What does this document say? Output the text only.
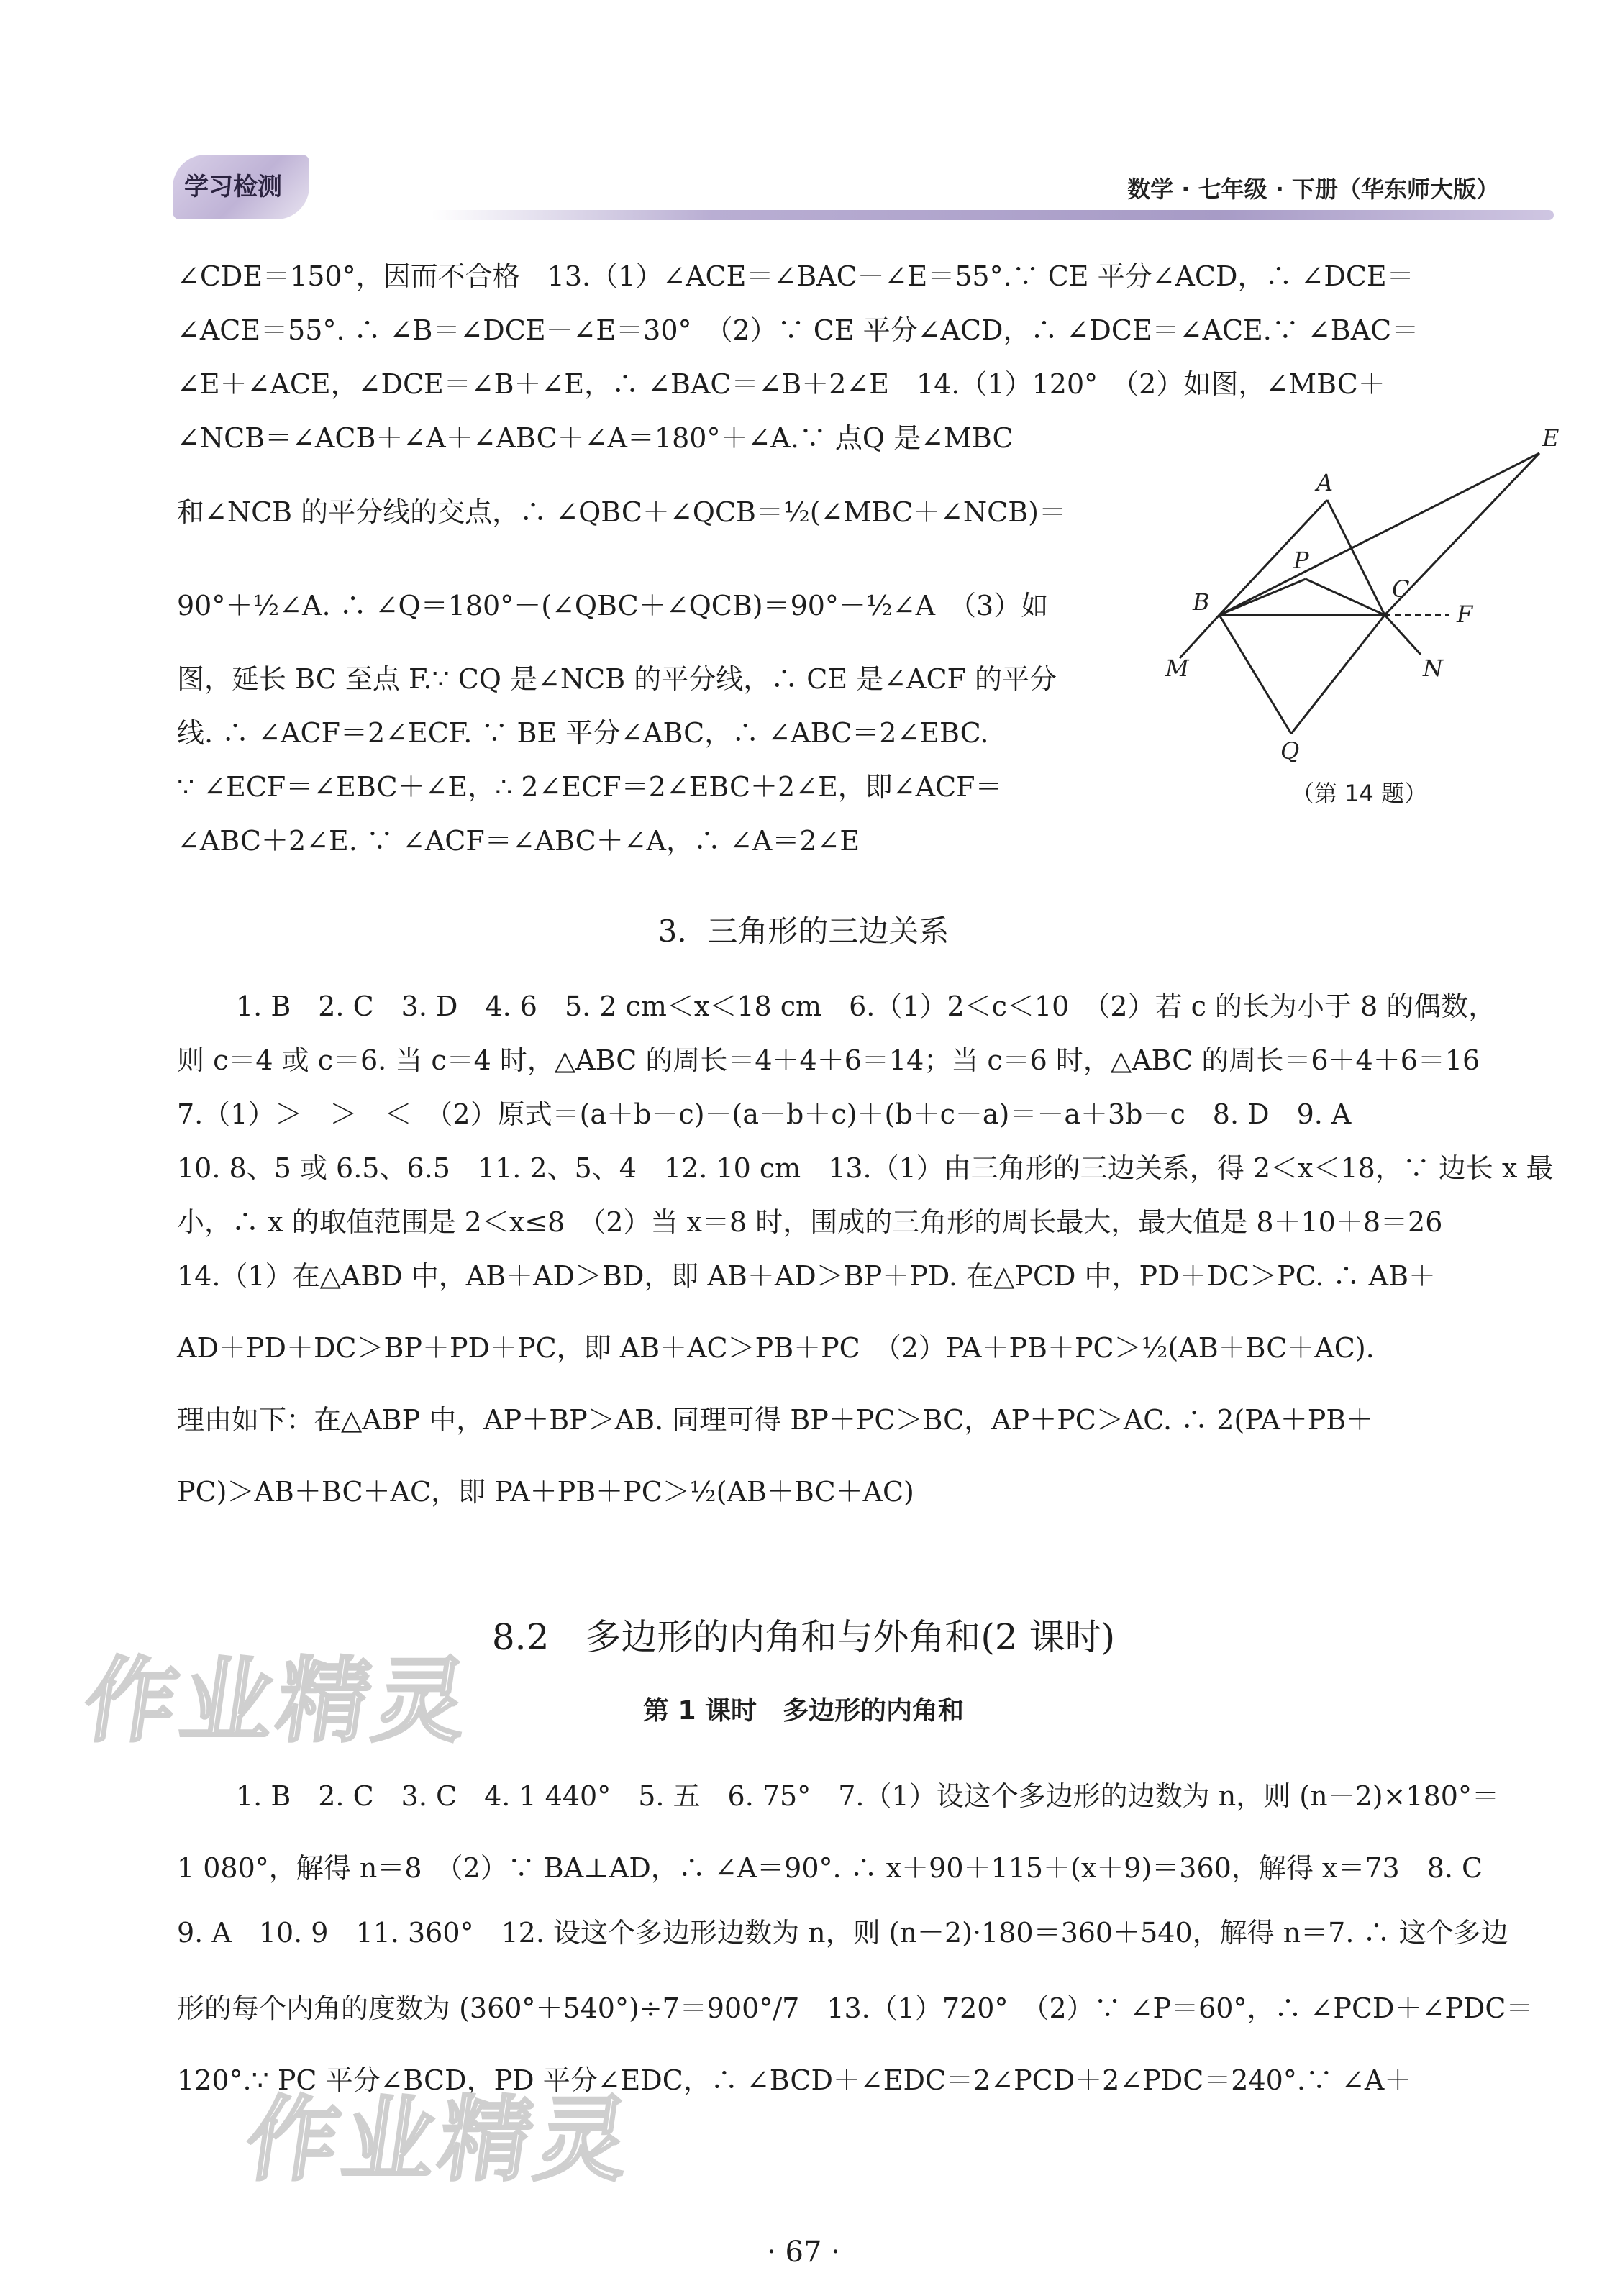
学习检测	数学 · 七年级 · 下册（华东师大版）
∠CDE＝150°，因而不合格　13.（1）∠ACE＝∠BAC－∠E＝55°.∵ CE 平分∠ACD，∴ ∠DCE＝
∠ACE＝55°. ∴ ∠B＝∠DCE－∠E＝30°　（2）∵ CE 平分∠ACD，∴ ∠DCE＝∠ACE.∵ ∠BAC＝
∠E＋∠ACE，∠DCE＝∠B＋∠E，∴ ∠BAC＝∠B＋2∠E　14.（1）120°　（2）如图，∠MBC＋
∠NCB＝∠ACB＋∠A＋∠ABC＋∠A＝180°＋∠A.∵ 点Q 是∠MBC
和∠NCB 的平分线的交点，∴ ∠QBC＋∠QCB＝½(∠MBC＋∠NCB)＝
90°＋½∠A. ∴ ∠Q＝180°－(∠QBC＋∠QCB)＝90°－½∠A　（3）如
图，延长 BC 至点 F.∵ CQ 是∠NCB 的平分线，∴ CE 是∠ACF 的平分
线. ∴ ∠ACF＝2∠ECF. ∵ BE 平分∠ABC，∴ ∠ABC＝2∠EBC.
∵ ∠ECF＝∠EBC＋∠E，∴ 2∠ECF＝2∠EBC＋2∠E，即∠ACF＝
∠ABC＋2∠E. ∵ ∠ACF＝∠ABC＋∠A，∴ ∠A＝2∠E
E
A
P
B	C
F
M	N
Q
（第 14 题）
3．三角形的三边关系
1. B　2. C　3. D　4. 6　5. 2 cm＜x＜18 cm　6.（1）2＜c＜10　（2）若 c 的长为小于 8 的偶数，
则 c＝4 或 c＝6. 当 c＝4 时，△ABC 的周长＝4＋4＋6＝14；当 c＝6 时，△ABC 的周长＝6＋4＋6＝16
7.（1）＞　＞　＜　（2）原式＝(a＋b－c)－(a－b＋c)＋(b＋c－a)＝－a＋3b－c　8. D　9. A
10. 8、5 或 6.5、6.5　11. 2、5、4　12. 10 cm　13.（1）由三角形的三边关系，得 2＜x＜18，∵ 边长 x 最
小，∴ x 的取值范围是 2＜x≤8　（2）当 x＝8 时，围成的三角形的周长最大，最大值是 8＋10＋8＝26
14.（1）在△ABD 中，AB＋AD＞BD，即 AB＋AD＞BP＋PD. 在△PCD 中，PD＋DC＞PC. ∴ AB＋
AD＋PD＋DC＞BP＋PD＋PC，即 AB＋AC＞PB＋PC　（2）PA＋PB＋PC＞½(AB＋BC＋AC).
理由如下：在△ABP 中，AP＋BP＞AB. 同理可得 BP＋PC＞BC，AP＋PC＞AC. ∴ 2(PA＋PB＋
PC)＞AB＋BC＋AC，即 PA＋PB＋PC＞½(AB＋BC＋AC)
8.2　多边形的内角和与外角和(2 课时)
第 1 课时　多边形的内角和
1. B　2. C　3. C　4. 1 440°　5. 五　6. 75°　7.（1）设这个多边形的边数为 n，则 (n－2)×180°＝
1 080°，解得 n＝8　（2）∵ BA⊥AD，∴ ∠A＝90°. ∴ x＋90＋115＋(x＋9)＝360，解得 x＝73　8. C
9. A　10. 9　11. 360°　12. 设这个多边形边数为 n，则 (n－2)·180＝360＋540，解得 n＝7. ∴ 这个多边
形的每个内角的度数为 (360°＋540°)÷7＝900°/7　13.（1）720°　（2）∵ ∠P＝60°，∴ ∠PCD＋∠PDC＝
120°.∵ PC 平分∠BCD，PD 平分∠EDC，∴ ∠BCD＋∠EDC＝2∠PCD＋2∠PDC＝240°.∵ ∠A＋
作业精灵
作业精灵
· 67 ·
